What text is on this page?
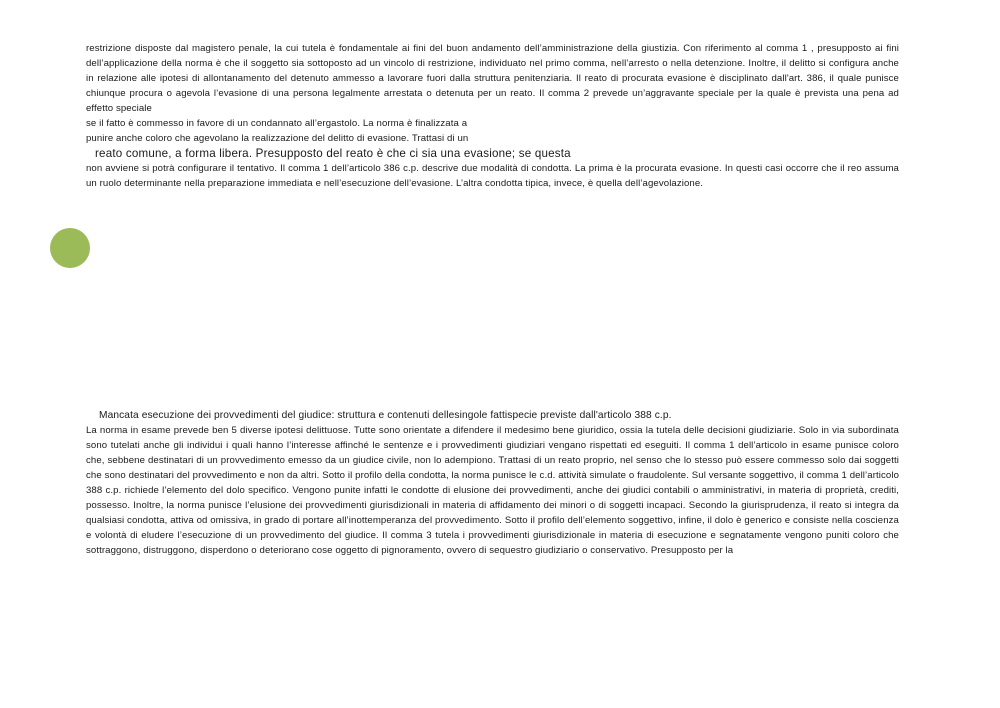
restrizione disposte dal magistero penale, la cui tutela è fondamentale ai fini del buon andamento dell’amministrazione della giustizia. Con riferimento al comma 1 , presupposto ai fini dell’applicazione della norma è che il soggetto sia sottoposto ad un vincolo di restrizione, individuato nel primo comma, nell’arresto o nella detenzione. Inoltre, il delitto si configura anche in relazione alle ipotesi di allontanamento del detenuto ammesso a lavorare fuori dalla struttura penitenziaria. Il reato di procurata evasione è disciplinato dall'art. 386, il quale punisce chiunque procura o agevola l’evasione di una persona legalmente arrestata o detenuta per un reato. Il comma 2 prevede un’aggravante speciale per la quale è prevista una pena ad effetto speciale

se il fatto è commesso in favore di un condannato all’ergastolo. La norma è finalizzata a

punire anche coloro che agevolano la realizzazione del delitto di evasione. Trattasi di un

reato comune, a forma libera. Presupposto del reato è che ci sia una evasione; se questa

non avviene si potrà configurare il tentativo. Il comma 1 dell’articolo 386 c.p. descrive due modalità di condotta. La prima è la procurata evasione. In questi casi occorre che il reo assuma un ruolo determinante nella preparazione immediata e nell’esecuzione dell’evasione. L’altra condotta tipica, invece, è quella dell’agevolazione.

Mancata esecuzione dei provvedimenti del giudice: struttura e contenuti dellesingole fattispecie previste dall'articolo 388 c.p.

La norma in esame prevede ben 5 diverse ipotesi delittuose. Tutte sono orientate a difendere il medesimo bene giuridico, ossia la tutela delle decisioni giudiziarie. Solo in via subordinata sono tutelati anche gli individui i quali hanno l’interesse affinché le sentenze e i provvedimenti giudiziari vengano rispettati ed eseguiti. Il comma 1 dell’articolo in esame punisce coloro che, sebbene destinatari di un provvedimento emesso da un giudice civile, non lo adempiono. Trattasi di un reato proprio, nel senso che lo stesso può essere commesso solo dai soggetti che sono destinatari del provvedimento e non da altri. Sotto il profilo della condotta, la norma punisce le c.d. attività simulate o fraudolente. Sul versante soggettivo, il comma 1 dell’articolo 388 c.p. richiede l’elemento del dolo specifico. Vengono punite infatti le condotte di elusione dei provvedimenti, anche dei giudici contabili o amministrativi, in materia di proprietà, crediti, possesso. Inoltre, la norma punisce l’elusione dei provvedimenti giurisdizionali in materia di affidamento dei minori o di soggetti incapaci. Secondo la giurisprudenza, il reato si integra da qualsiasi condotta, attiva od omissiva, in grado di portare all’inottemperanza del provvedimento. Sotto il profilo dell’elemento soggettivo, infine, il dolo è generico e consiste nella coscienza e volontà di eludere l’esecuzione di un provvedimento del giudice. Il comma 3 tutela i provvedimenti giurisdizionale in materia di esecuzione e segnatamente vengono puniti coloro che sottraggono, distruggono, disperdono o deteriorano cose oggetto di pignoramento, ovvero di sequestro giudiziario o conservativo. Presupposto per la
